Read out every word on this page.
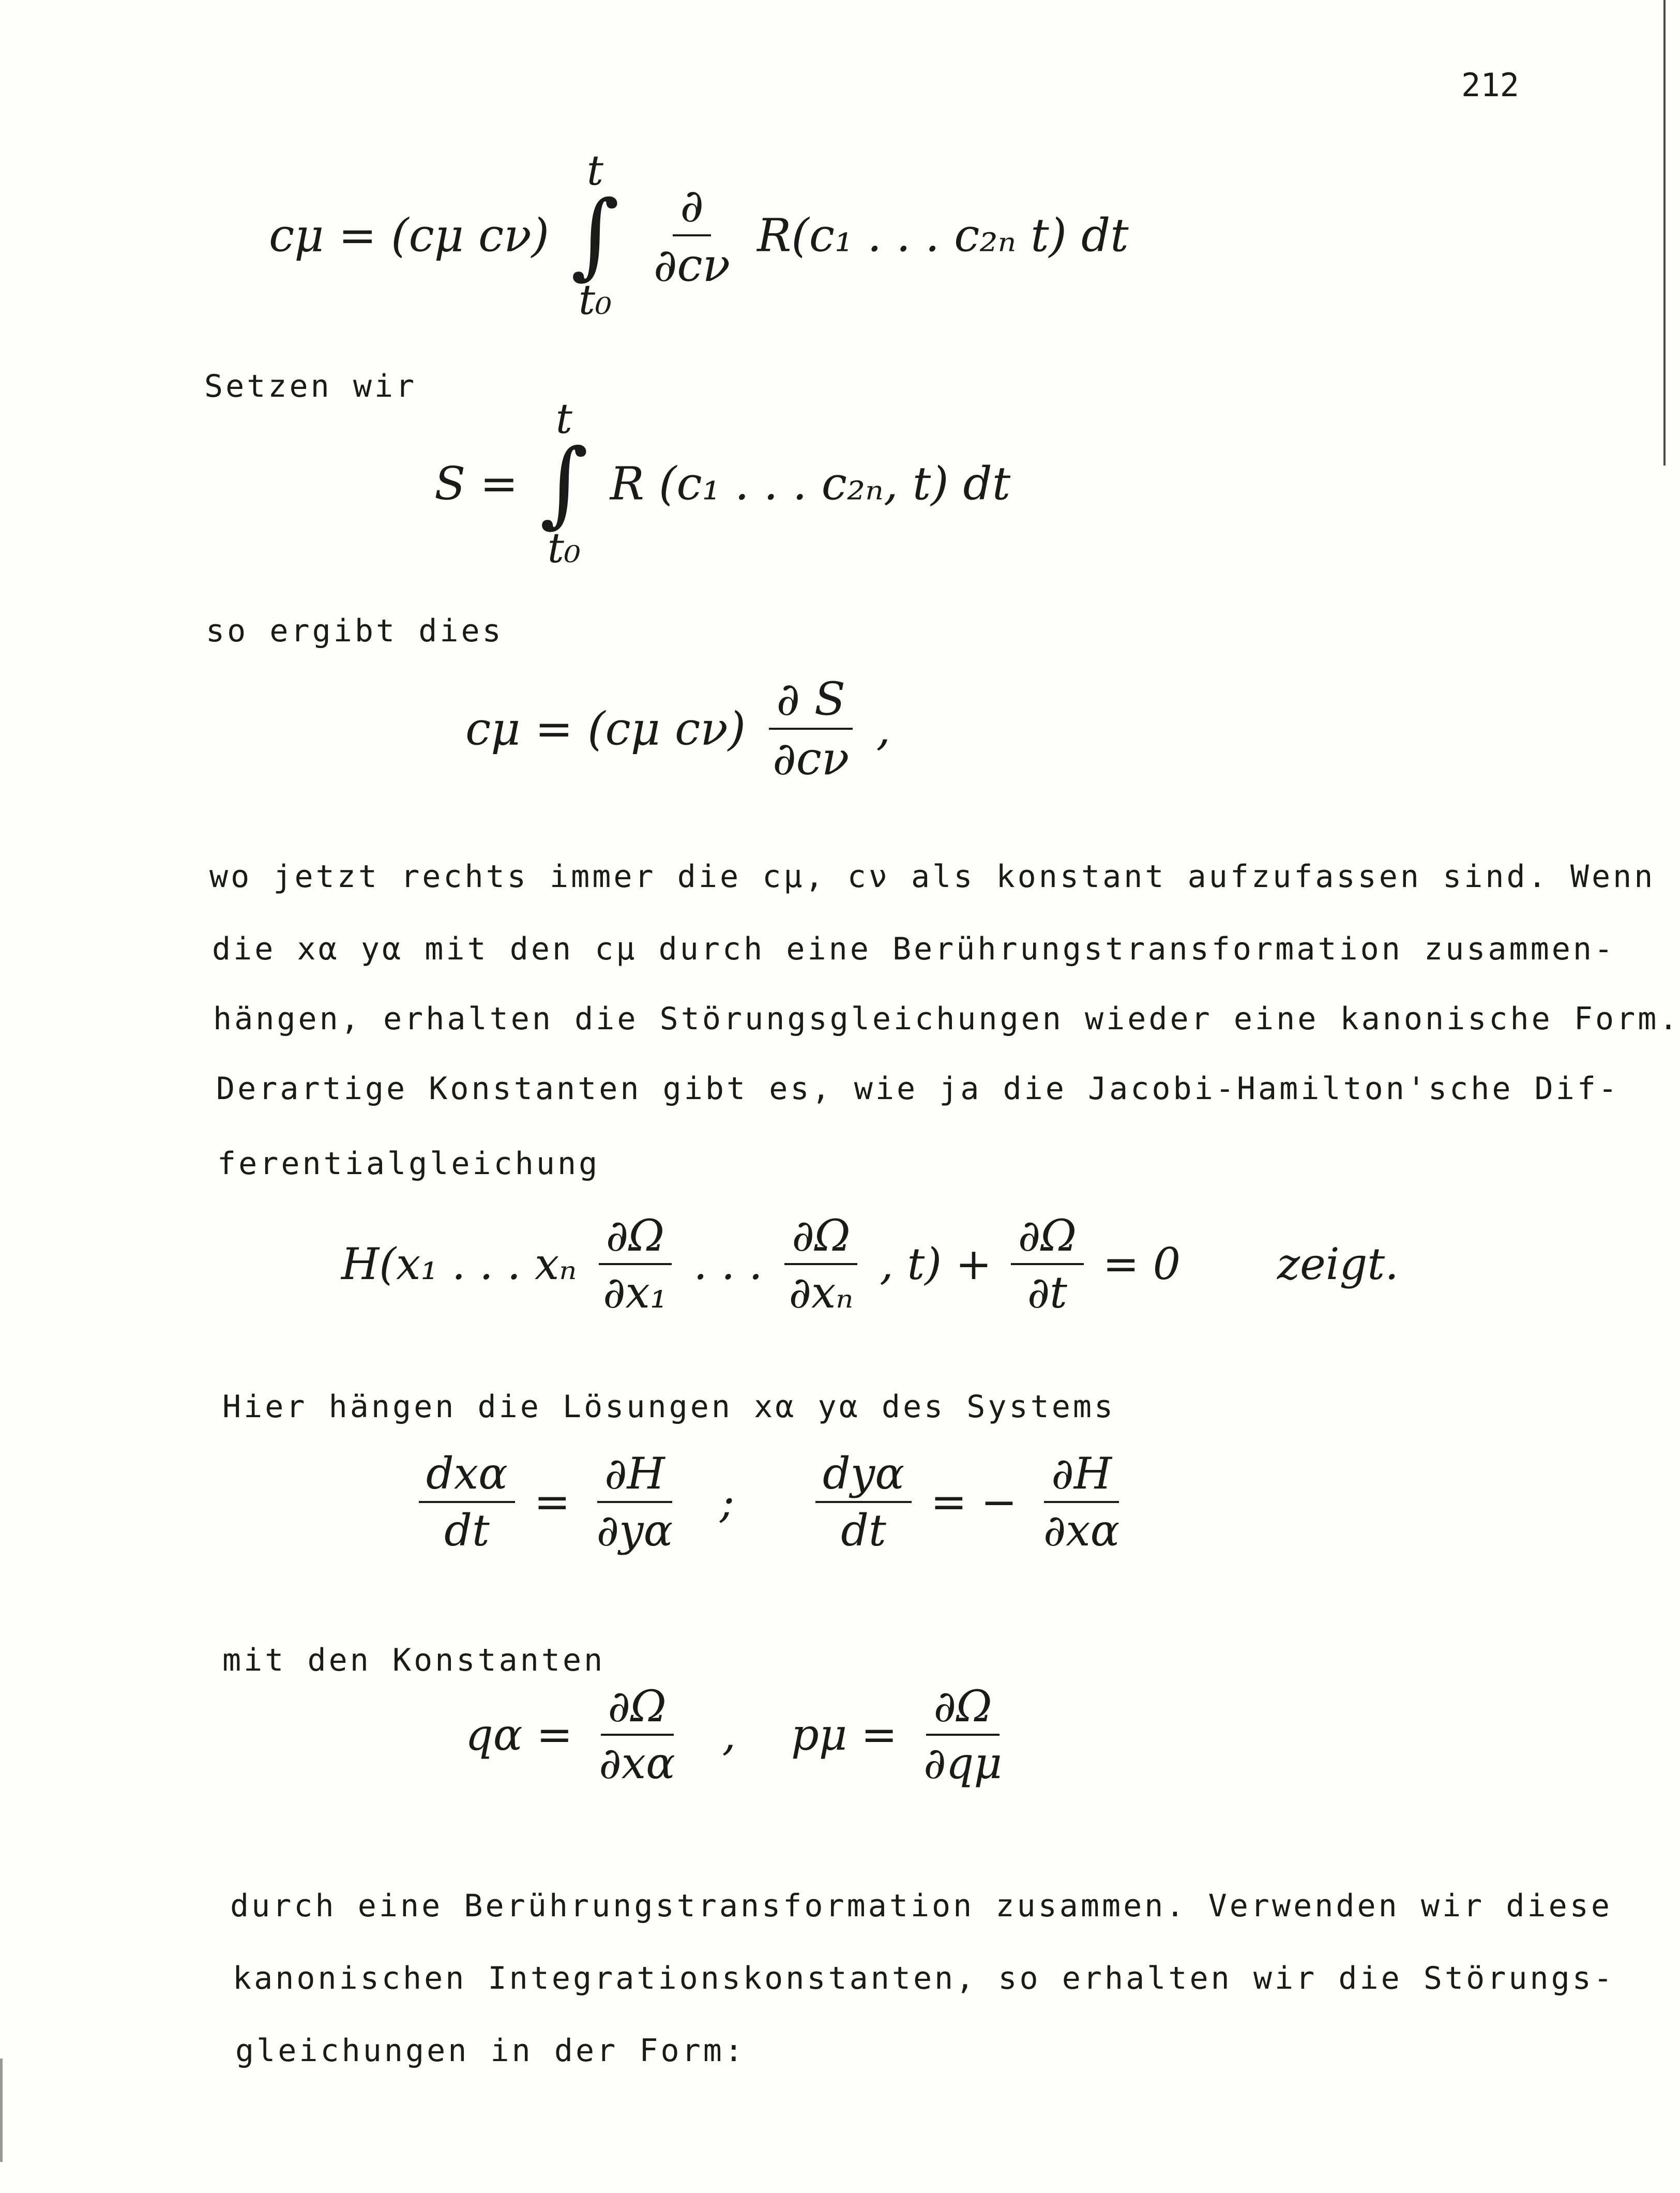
212
cμ = (cμ cν)
t
∫
t₀

$\frac{\partial}{\partial c\nu} R(c_1$ . . . c₂ₙ t) dt
Setzen wir
S =
t
∫
t₀
R (c₁ . . . c₂ₙ, t) dt
so ergibt dies
cμ = (cμ $c\nu) \frac{\partial S}{\partial c\nu}$ ,
wo jetzt rechts immer die cμ, cν als konstant aufzufassen sind. Wenn
die xα yα mit den cμ durch eine Berührungstransformation zusammen-
hängen, erhalten die Störungsgleichungen wieder eine kanonische Form.
Derartige Konstanten gibt es, wie ja die Jacobi-Hamilton'sche Dif-
ferentialgleichung
H(x₁ . . . xₙ $\frac{\partial\Omega}{\text{∂x₁}}$ . . . $\frac{\partial\Omega}{\text{∂xₙ}}$ , $t) + \frac{\partial\Omega}{\partial t} = 0$ zeigt.
Hier hängen die Lösungen xα yα des Systems
$\frac{\text{dxα}}{dt} = \frac{\partial H}{\partial y\alpha}$ ; $\frac{\text{dyα}}{dt}$ = − $\frac{\partial H}{\partial x\alpha}$
mit den Konstanten
$q\alpha = \frac{\partial\Omega}{\partial x\alpha}$ , $p\mu = \frac{\partial\Omega}{\partial q\mu}$
durch eine Berührungstransformation zusammen. Verwenden wir diese
kanonischen Integrationskonstanten, so erhalten wir die Störungs-
gleichungen in der Form:
